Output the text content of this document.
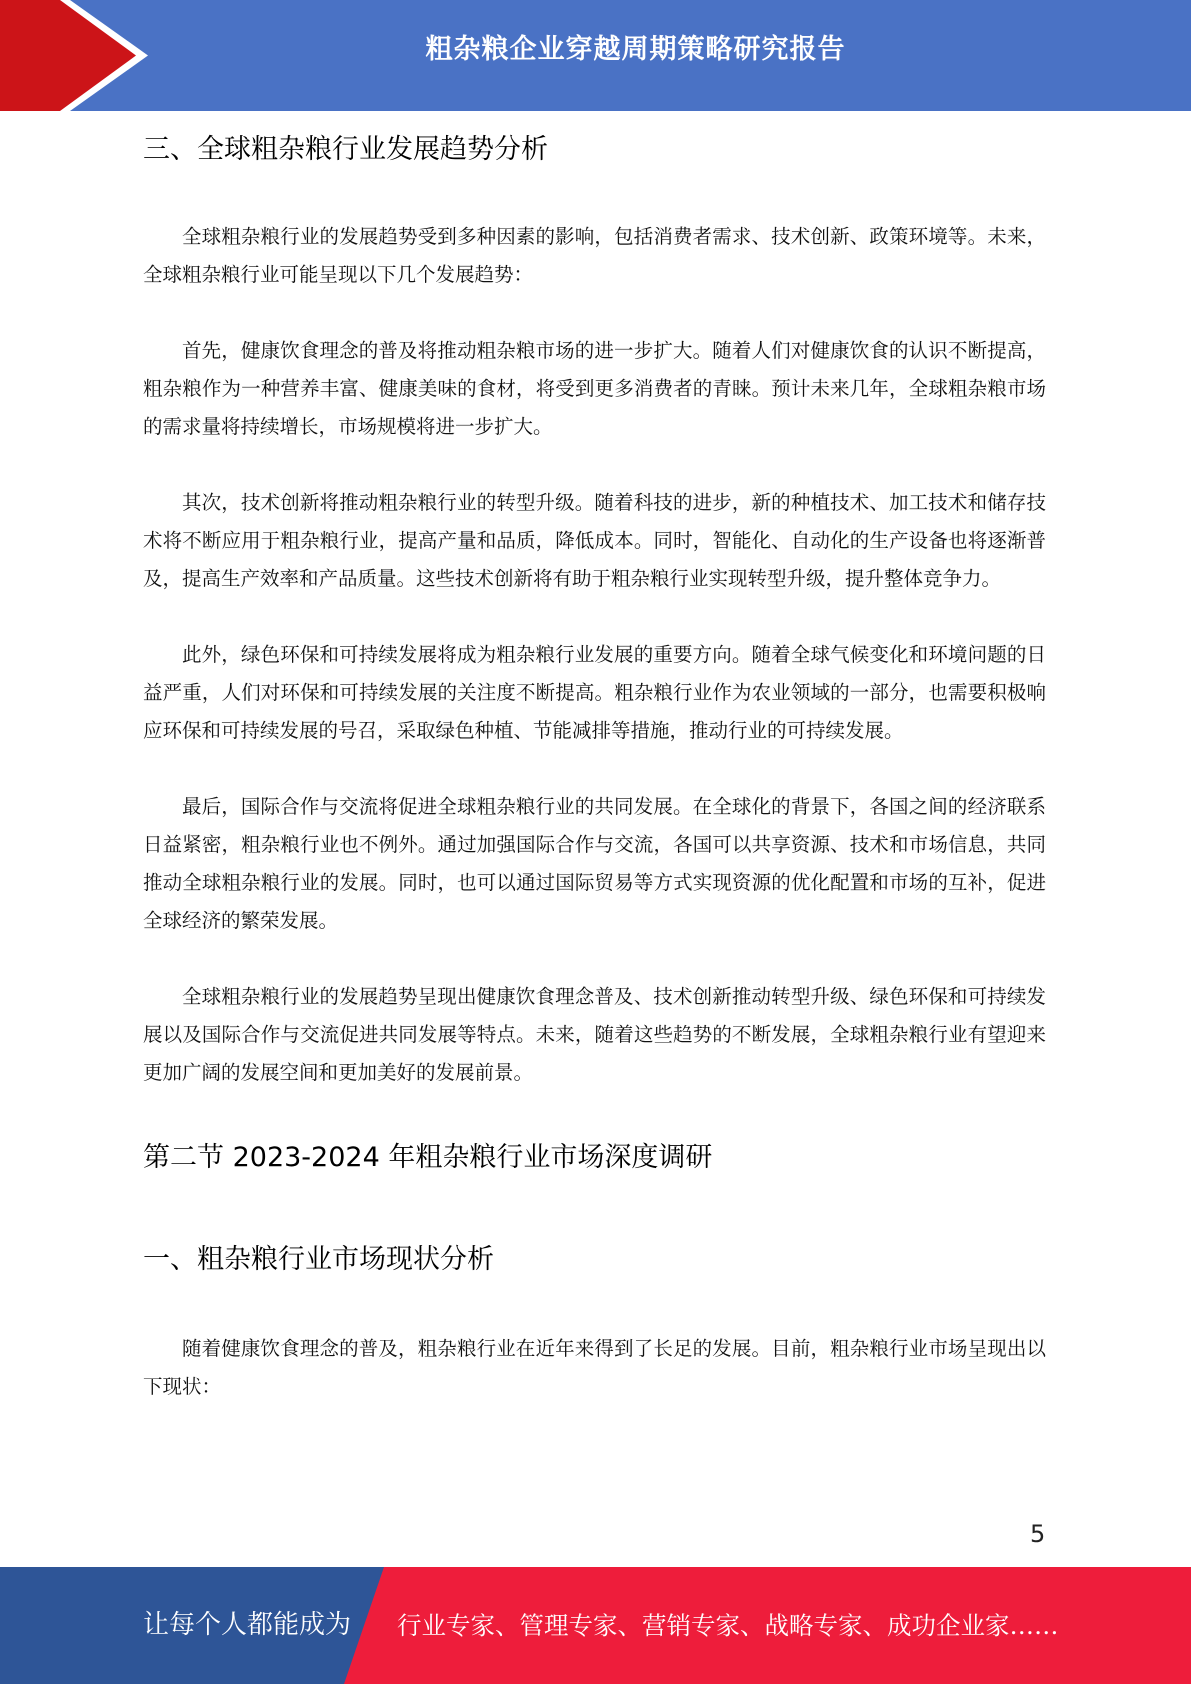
粗杂粮企业穿越周期策略研究报告
三、全球粗杂粮行业发展趋势分析

全球粗杂粮行业的发展趋势受到多种因素的影响，包括消费者需求、技术创新、政策环境等。未来，全球粗杂粮行业可能呈现以下几个发展趋势：

首先，健康饮食理念的普及将推动粗杂粮市场的进一步扩大。随着人们对健康饮食的认识不断提高，粗杂粮作为一种营养丰富、健康美味的食材，将受到更多消费者的青睐。预计未来几年，全球粗杂粮市场的需求量将持续增长，市场规模将进一步扩大。

其次，技术创新将推动粗杂粮行业的转型升级。随着科技的进步，新的种植技术、加工技术和储存技术将不断应用于粗杂粮行业，提高产量和品质，降低成本。同时，智能化、自动化的生产设备也将逐渐普及，提高生产效率和产品质量。这些技术创新将有助于粗杂粮行业实现转型升级，提升整体竞争力。

此外，绿色环保和可持续发展将成为粗杂粮行业发展的重要方向。随着全球气候变化和环境问题的日益严重，人们对环保和可持续发展的关注度不断提高。粗杂粮行业作为农业领域的一部分，也需要积极响应环保和可持续发展的号召，采取绿色种植、节能减排等措施，推动行业的可持续发展。

最后，国际合作与交流将促进全球粗杂粮行业的共同发展。在全球化的背景下，各国之间的经济联系日益紧密，粗杂粮行业也不例外。通过加强国际合作与交流，各国可以共享资源、技术和市场信息，共同推动全球粗杂粮行业的发展。同时，也可以通过国际贸易等方式实现资源的优化配置和市场的互补，促进全球经济的繁荣发展。

全球粗杂粮行业的发展趋势呈现出健康饮食理念普及、技术创新推动转型升级、绿色环保和可持续发展以及国际合作与交流促进共同发展等特点。未来，随着这些趋势的不断发展，全球粗杂粮行业有望迎来更加广阔的发展空间和更加美好的发展前景。

第二节 2023-2024 年粗杂粮行业市场深度调研
一、粗杂粮行业市场现状分析

随着健康饮食理念的普及，粗杂粮行业在近年来得到了长足的发展。目前，粗杂粮行业市场呈现出以下现状：

5
让每个人都能成为 行业专家、管理专家、营销专家、战略专家、成功企业家……
